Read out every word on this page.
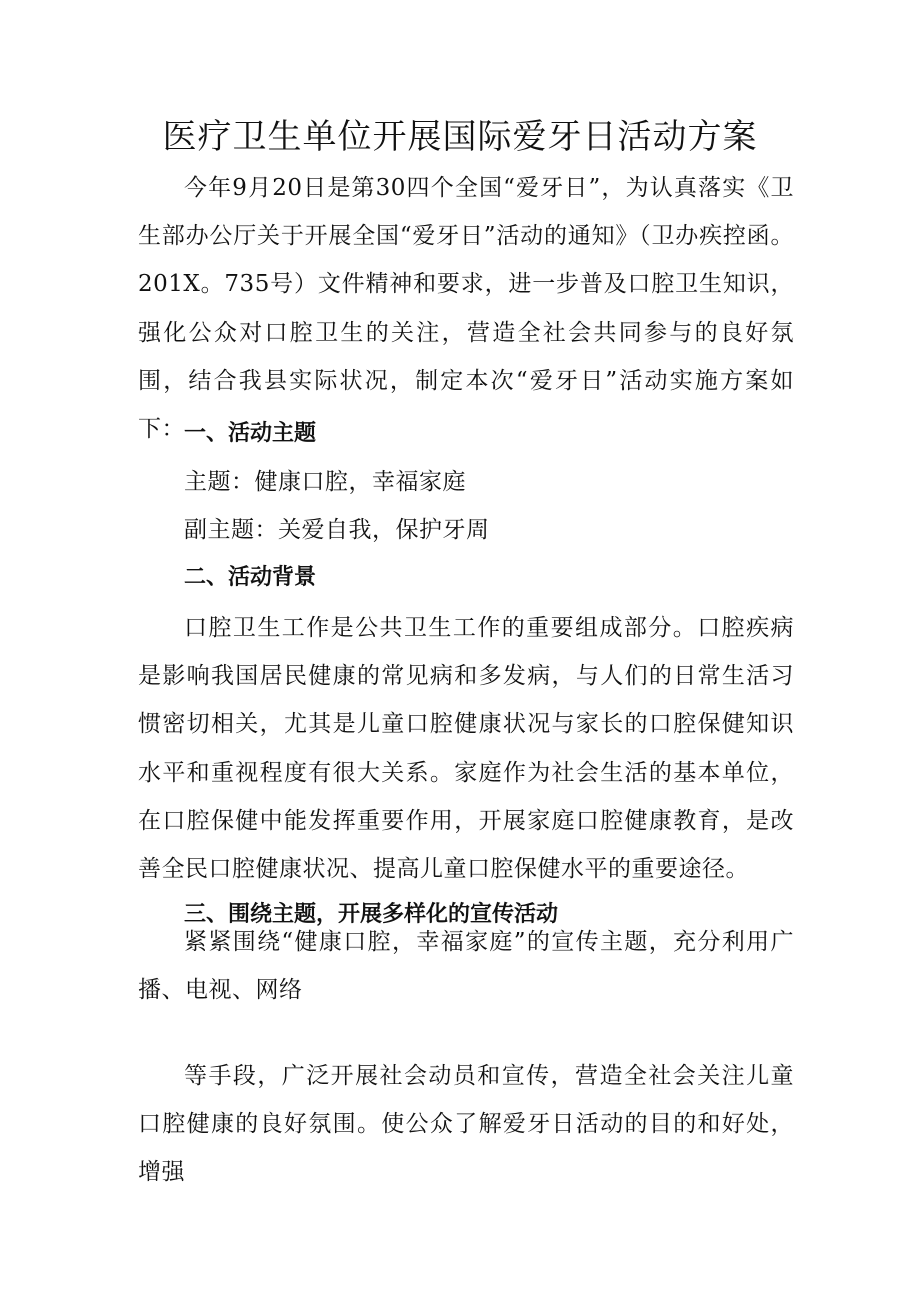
医疗卫生单位开展国际爱牙日活动方案

今年9月20日是第30四个全国“爱牙日”，为认真落实《卫生部办公厅关于开展全国“爱牙日”活动的通知》（卫办疾控函。201X。735号）文件精神和要求，进一步普及口腔卫生知识，强化公众对口腔卫生的关注，营造全社会共同参与的良好氛围，结合我县实际状况，制定本次“爱牙日”活动实施方案如下： 一、活动主题

主题：健康口腔，幸福家庭

副主题：关爱自我，保护牙周

二、活动背景

口腔卫生工作是公共卫生工作的重要组成部分。口腔疾病是影响我国居民健康的常见病和多发病，与人们的日常生活习惯密切相关，尤其是儿童口腔健康状况与家长的口腔保健知识水平和重视程度有很大关系。家庭作为社会生活的基本单位，在口腔保健中能发挥重要作用，开展家庭口腔健康教育，是改善全民口腔健康状况、提高儿童口腔保健水平的重要途径。

三、围绕主题，开展多样化的宣传活动

紧紧围绕“健康口腔，幸福家庭”的宣传主题，充分利用广播、电视、网络

等手段，广泛开展社会动员和宣传，营造全社会关注儿童口腔健康的良好氛围。使公众了解爱牙日活动的目的和好处，增强
